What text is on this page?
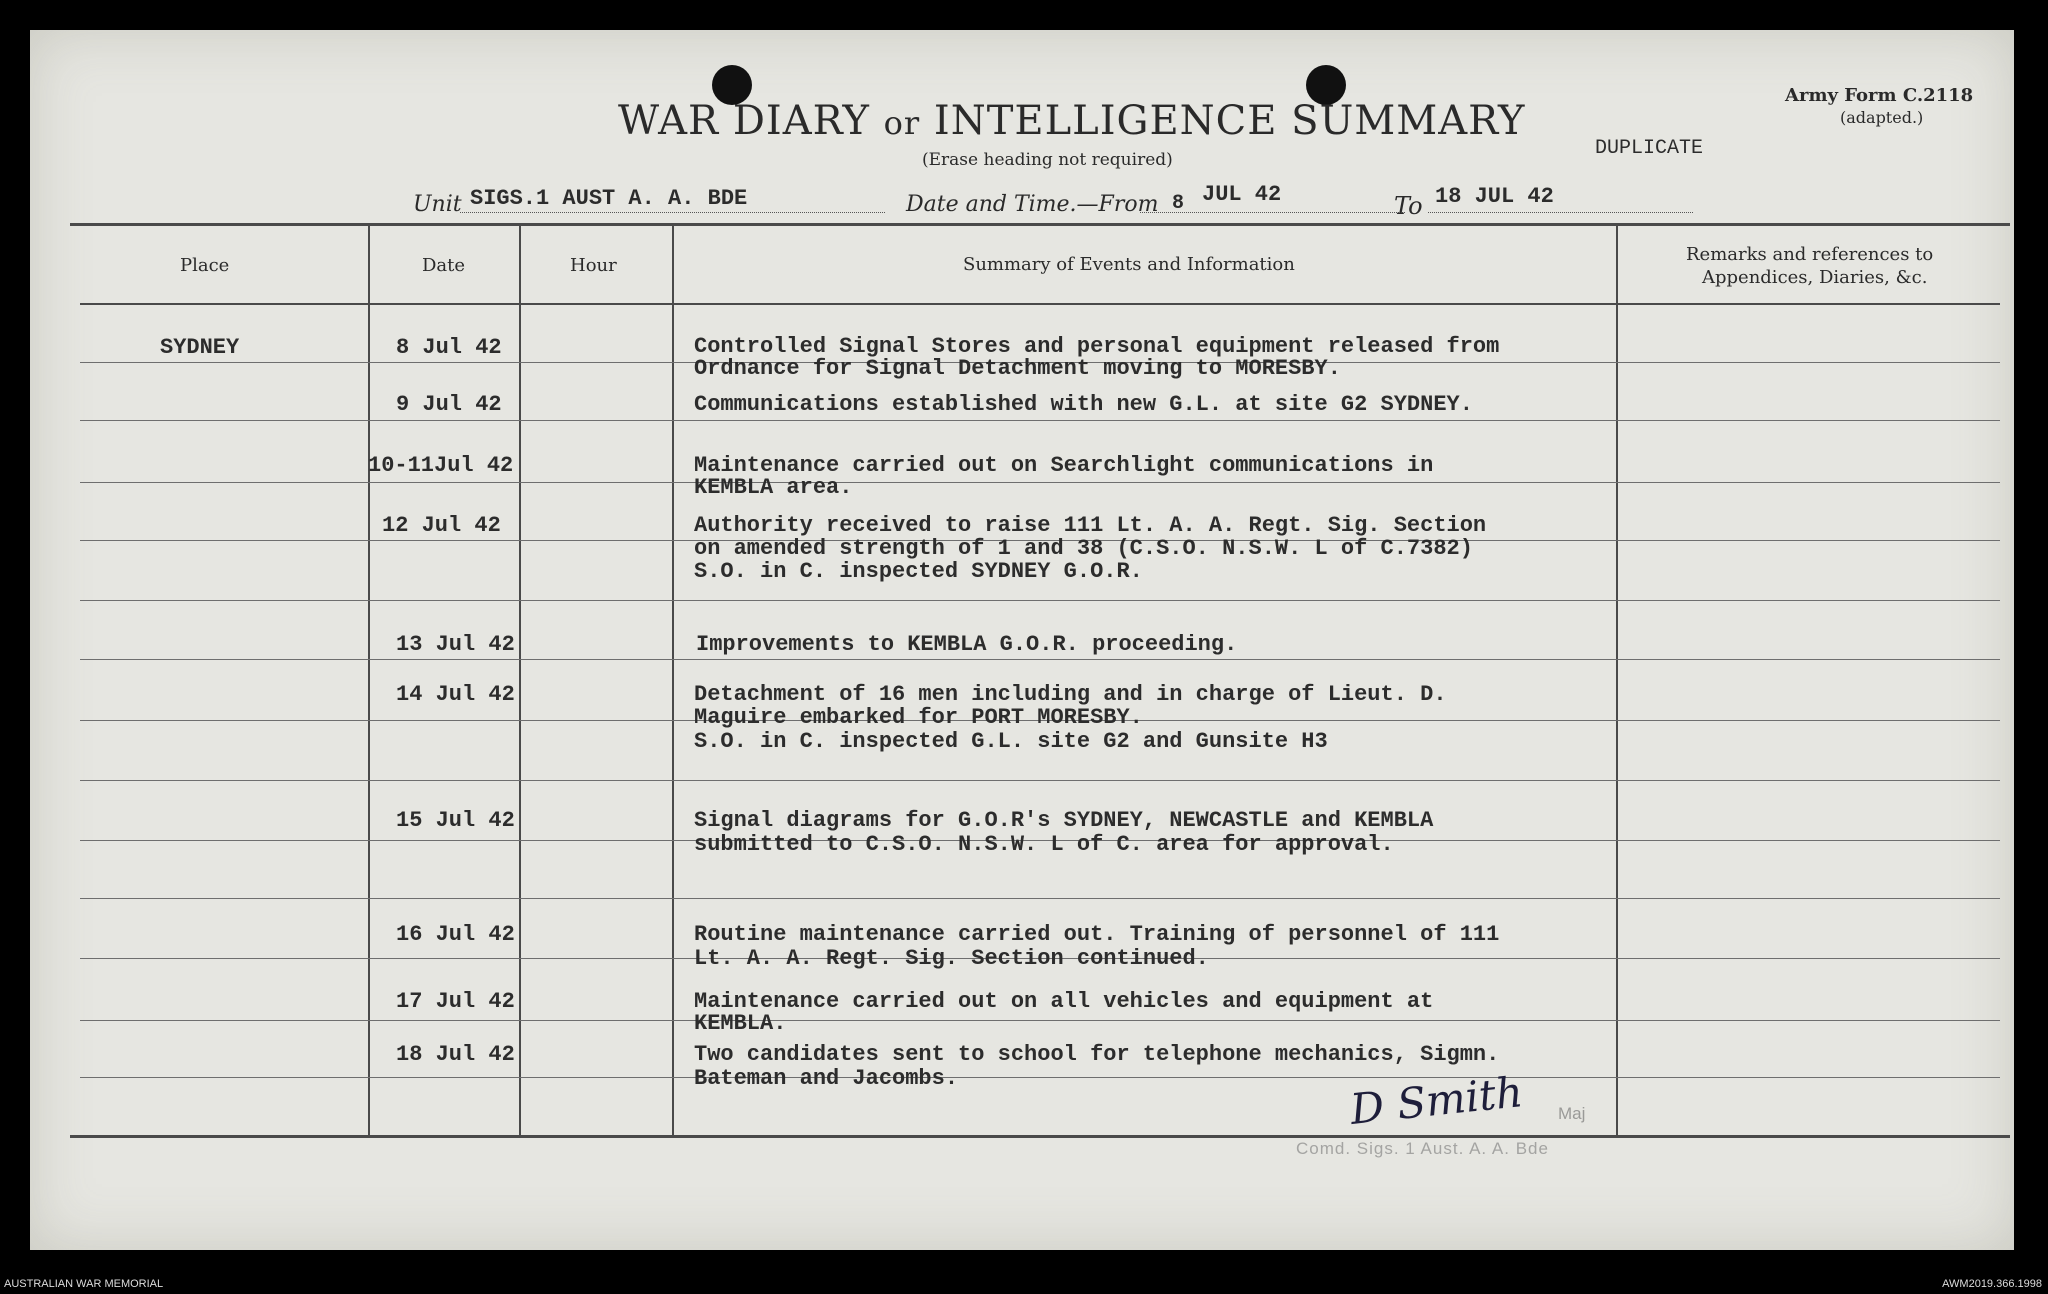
WAR DIARY or INTELLIGENCE SUMMARY
(Erase heading not required)
Army Form C.2118
(adapted.)
DUPLICATE
Unit SIGS.1 AUST A. A. BDE	Date and Time.—From 8 JUL 42	To 18 JUL 42
Place	Date	Hour	Summary of Events and Information	Remarks and references to
Appendices, Diaries, &c.
SYDNEY	8 Jul 42	Controlled Signal Stores and personal equipment released from
Ordnance for Signal Detachment moving to MORESBY.
9 Jul 42	Communications established with new G.L. at site G2 SYDNEY.
10-11Jul 42	Maintenance carried out on Searchlight communications in
KEMBLA area.
12 Jul 42	Authority received to raise 111 Lt. A. A. Regt. Sig. Section
on amended strength of 1 and 38 (C.S.O. N.S.W. L of C.7382)
S.O. in C. inspected SYDNEY G.O.R.
13 Jul 42	Improvements to KEMBLA G.O.R. proceeding.
14 Jul 42	Detachment of 16 men including and in charge of Lieut. D.
Maguire embarked for PORT MORESBY.
S.O. in C. inspected G.L. site G2 and Gunsite H3
15 Jul 42	Signal diagrams for G.O.R's SYDNEY, NEWCASTLE and KEMBLA
submitted to C.S.O. N.S.W. L of C. area for approval.
16 Jul 42	Routine maintenance carried out. Training of personnel of 111
Lt. A. A. Regt. Sig. Section continued.
17 Jul 42	Maintenance carried out on all vehicles and equipment at
KEMBLA.
18 Jul 42	Two candidates sent to school for telephone mechanics, Sigmn.
Bateman and Jacombs.	D Smith Maj
Comd. Sigs. 1 Aust. A. A. Bde
AUSTRALIAN WAR MEMORIAL	AWM2019.366.1998
